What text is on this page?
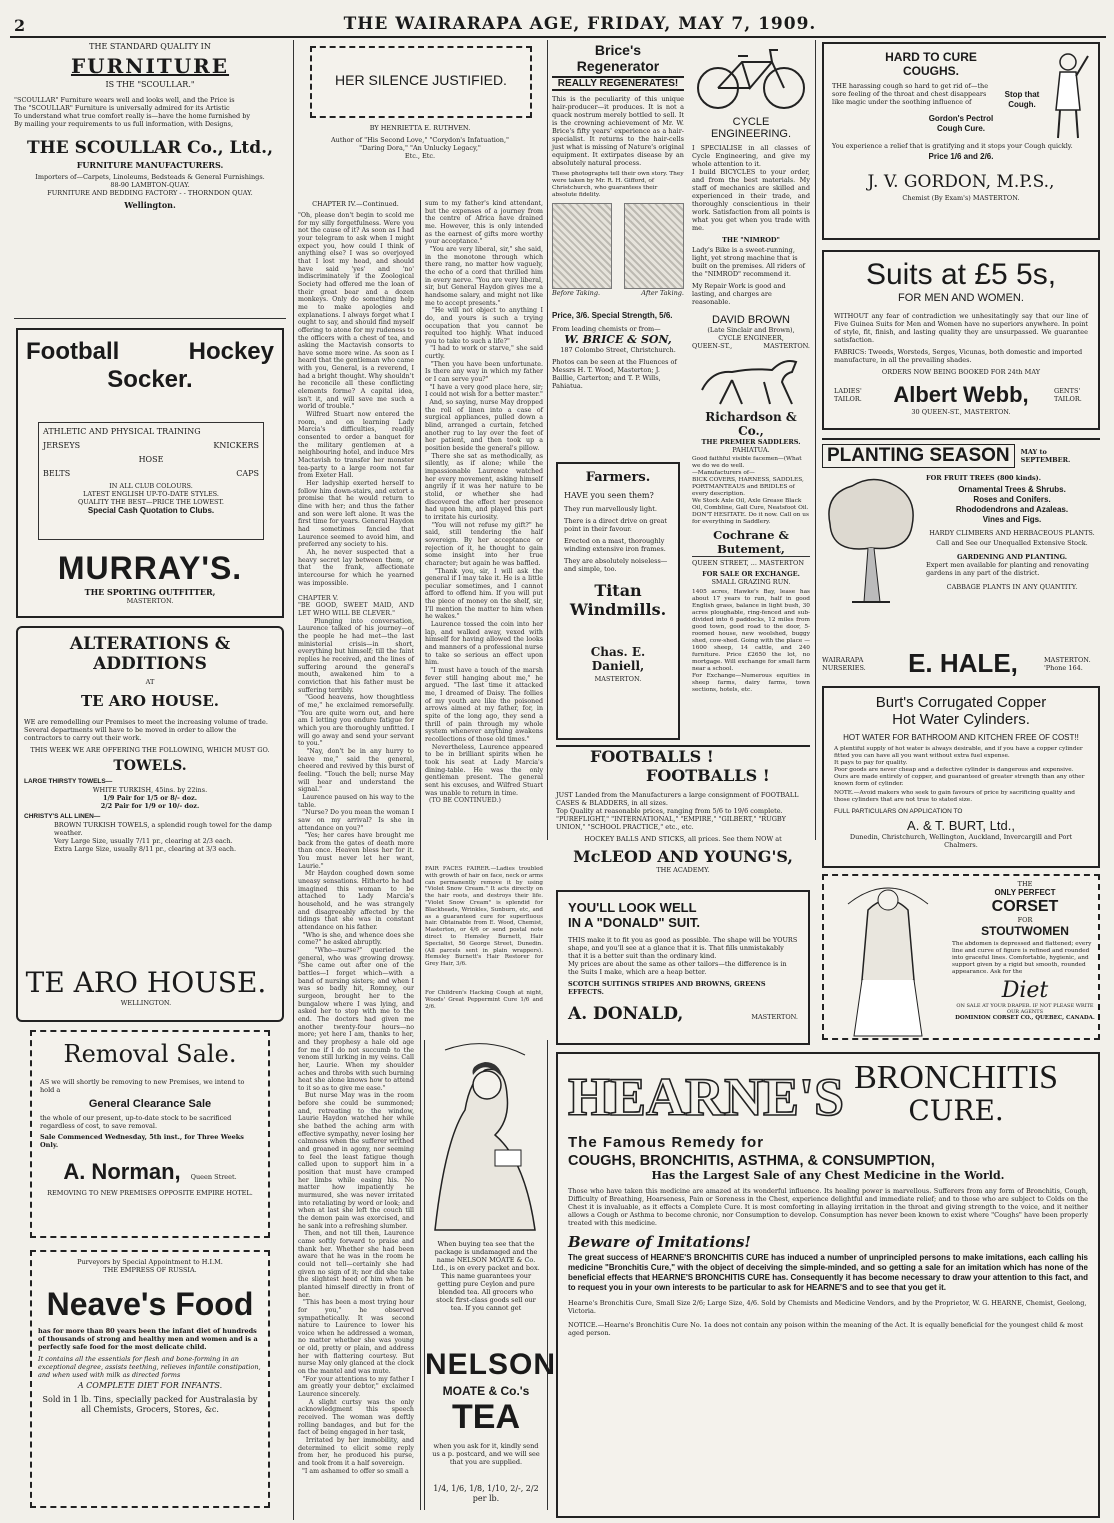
2	THE WAIRARAPA AGE, FRIDAY, MAY 7, 1909.
THE STANDARD QUALITY IN
FURNITURE
IS THE "SCOULLAR."
"SCOULLAR" Furniture wears well and looks well, and the Price is
The "SCOULLAR" Furniture is universally admired for its Artistic
To understand what true comfort really is—have the home furnished by
By mailing your requirements to us full information, with Designs,
THE SCOULLAR Co., Ltd.,
FURNITURE MANUFACTURERS.
Importers of—Carpets, Linoleums, Bedsteads & General Furnishings.
88-90 LAMBTON-QUAY.
FURNITURE AND BEDDING FACTORY - - THORNDON QUAY.
Wellington.
Football	Hockey
Socker.
ATHLETIC AND PHYSICAL TRAINING
JERSEYS	KNICKERS
HOSE
BELTS	CAPS
IN ALL CLUB COLOURS.
LATEST ENGLISH UP-TO-DATE STYLES.
QUALITY THE BEST—PRICE THE LOWEST.
Special Cash Quotation to Clubs.
MURRAY'S.
THE SPORTING OUTFITTER,
MASTERTON.
ALTERATIONS & ADDITIONS
AT
TE ARO HOUSE.
WE are remodelling our Premises to meet the increasing volume of trade. Several departments will have to be moved in order to allow the contractors to carry out their work.
THIS WEEK WE ARE OFFERING THE FOLLOWING, WHICH MUST GO.
TOWELS.
LARGE THIRSTY TOWELS—
WHITE TURKISH, 45ins. by 22ins.
1/9 Pair for 1/5 or 8/- doz.
2/2 Pair for 1/9 or 10/- doz.
CHRISTY'S ALL LINEN—
BROWN TURKISH TOWELS, a splendid rough towel for the damp weather.
Very Large Size, usually 7/11 pr., clearing at 2/3 each.
Extra Large Size, usually 8/11 pr., clearing at 3/3 each.
TE ARO HOUSE.
WELLINGTON.
Removal Sale.
AS we will shortly be removing to new Premises, we intend to hold a
General Clearance Sale
the whole of our present, up-to-date stock to be sacrificed regardless of cost, to save removal.
Sale Commenced Wednesday, 5th inst., for Three Weeks Only.
A. Norman, Queen Street.
REMOVING TO NEW PREMISES OPPOSITE EMPIRE HOTEL.
Purveyors by Special Appointment to H.I.M.
THE EMPRESS OF RUSSIA.
Neave's Food
has for more than 80 years been the infant diet of hundreds of thousands of strong and healthy men and women and is a perfectly safe food for the most delicate child.
It contains all the essentials for flesh and bone-forming in an exceptional degree, assists teething, relieves infantile constipation, and when used with milk as directed forms
A COMPLETE DIET FOR INFANTS.
Sold in 1 lb. Tins, specially packed for Australasia by all Chemists, Grocers, Stores, &c.
HER SILENCE JUSTIFIED.
BY HENRIETTA E. RUTHVEN.
Author of "His Second Love," "Corydon's Infatuation,"
"Daring Dora," "An Unlucky Legacy,"
Etc., Etc.
CHAPTER IV.—Continued.
"Oh, please don't begin to scold me for my silly forgetfulness. Were you not the cause of it? As soon as I had your telegram to ask when I might expect you, how could I think of anything else? I was so overjoyed that I lost my head, and should have said 'yes' and 'no' indiscriminately if the Zoological Society had offered me the loan of their great bear and a dozen monkeys. Only do something help me to make apologies and explanations. I always forget what I ought to say, and should find myself offering to atone for my rudeness to the officers with a chest of tea, and asking the Mactavish consorts to have some more wine. As soon as I heard that the gentleman who came with you, General, is a reverend, I had a bright thought. Why shouldn't he reconcile all these conflicting elements forme? A capital idea, isn't it, and will save me such a world of trouble."
Wilfred Stuart now entered the room, and on learning Lady Marcia's difficulties, readily consented to order a banquet for the military gentlemen at a neighbouring hotel, and induce Mrs Mactavish to transfer her monster tea-party to a large room not far from Exeter Hall.
Her ladyship exerted herself to follow him down-stairs, and extort a promise that he would return to dine with her; and thus the father and son were left alone. It was the first time for years. General Haydon had sometimes fancied that Laurence seemed to avoid him, and preferred any society to his.
Ah, he never suspected that a heavy secret lay between them, or that the frank, affectionate intercourse for which he yearned was impossible.

CHAPTER V.
"BE GOOD, SWEET MAID, AND LET WHO WILL BE CLEVER."
Plunging into conversation, Laurence talked of his journey—of the people he had met—the last ministerial crisis—in short, everything but himself; till the faint replies he received, and the lines of suffering around the general's mouth, awakened him to a conviction that his father must be suffering terribly.
"Good heavens, how thoughtless of me," he exclaimed remorsefully. "You are quite worn out, and here am I letting you endure fatigue for which you are thoroughly unfitted. I will go away and send your servant to you."
"Nay, don't be in any hurry to leave me," said the general, cheered and revived by this burst of feeling. "Touch the bell; nurse May will hear and understand the signal."
Laurence paused on his way to the table.
"Nurse? Do you mean the woman I saw on my arrival? Is she in attendance on you?"
"Yes; her cares have brought me back from the gates of death more than once. Heaven bless her for it. You must never let her want, Laurie."
Mr Haydon coughed down some uneasy sensations. Hitherto he had imagined this woman to be attached to Lady Marcia's household, and he was strangely and disagreeably affected by the tidings that she was in constant attendance on his father.
"Who is she, and whence does she come?" he asked abruptly.
"Who—nurse?" queried the general, who was growing drowsy. "She came out after one of the battles—I forget which—with a band of nursing sisters; and when I was so badly hit, Romney, our surgeon, brought her to the bungalow where I was lying, and asked her to stop with me to the end. The doctors had given me another twenty-four hours—no more; yet here I am, thanks to her, and they prophesy a hale old age for me if I do not succumb to the venom still lurking in my veins. Call her, Laurie. When my shoulder aches and throbs with such burning heat she alone knows how to attend to it so as to give me ease."
But nurse May was in the room before she could be summoned; and, retreating to the window, Laurie Haydon watched her while she bathed the aching arm with effective sympathy, never losing her calmness when the sufferer writhed and groaned in agony, nor seeming to feel the least fatigue though called upon to support him in a position that must have cramped her limbs while easing his. No matter how impatiently he murmured, she was never irritated into retaliating by word or look; and when at last she left the couch till the demon pain was exorcised, and he sank into a refreshing slumber.
Then, and not till then, Laurence came softly forward to praise and thank her. Whether she had been aware that he was in the room he could not tell—certainly she had given no sign of it; nor did she take the slightest heed of him when he planted himself directly in front of her.
"This has been a most trying hour for you," he observed sympathetically. It was second nature to Laurence to lower his voice when he addressed a woman, no matter whether she was young or old, pretty or plain, and address her with flattering courtesy. But nurse May only glanced at the clock on the mantel and was mute.
"For your attentions to my father I am greatly your debtor," exclaimed Laurence sincerely.
A slight curtsy was the only acknowledgment this speech received. The woman was deftly rolling bandages, and but for the fact of being engaged in her task,
Irritated by her immobility, and determined to elicit some reply from her, he produced his purse, and took from it a half sovereign.
"I am ashamed to offer so small a
sum to my father's kind attendant, but the expenses of a journey from the centre of Africa have drained me. However, this is only intended as the earnest of gifts more worthy your acceptance."
"You are very liberal, sir," she said, in the monotone through which there rang, no matter how vaguely, the echo of a cord that thrilled him in every nerve. "You are very liberal, sir, but General Haydon gives me a handsome salary, and might not like me to accept presents."
"He will not object to anything I do, and yours is such a trying occupation that you cannot be requited too highly. What induced you to take to such a life?"
"I had to work or starve," she said curtly.
"Then you have been unfortunate. Is there any way in which my father or I can serve you?"
"I have a very good place here, sir; I could not wish for a better master."
And, so saying, nurse May dropped the roll of linen into a case of surgical appliances, pulled down a blind, arranged a curtain, fetched another rug to lay over the feet of her patient, and then took up a position beside the general's pillow.
There she sat as methodically, as silently, as if alone; while the impassionable Laurence watched her every movement, asking himself angrily if it was her nature to be stolid, or whether she had discovered the effect her presence had upon him, and played this part to irritate his curiosity.
"You will not refuse my gift?" he said, still tendering the half sovereign. By her acceptance or rejection of it, he thought to gain some insight into her true character; but again he was baffled.
"Thank you, sir, I will ask the general if I may take it. He is a little peculiar sometimes, and I cannot afford to offend him. If you will put the piece of money on the shelf, sir, I'll mention the matter to him when he wakes."
Laurence tossed the coin into her lap, and walked away, vexed with himself for having allowed the looks and manners of a professional nurse to take so serious an effect upon him.
"I must have a touch of the marsh fever still hanging about me," he argued. "The last time it attacked me, I dreamed of Daisy. The follies of my youth are like the poisoned arrows aimed at my father, for, in spite of the long ago, they send a thrill of pain through my whole system whenever anything awakens recollections of those old times."
Nevertheless, Laurence appeared to be in brilliant spirits when he took his seat at Lady Marcia's dining-table. He was the only gentleman present. The general sent his excuses, and Wilfred Stuart was unable to return in time.
(TO BE CONTINUED.)
FAIR FACES FAIRER.—Ladies troubled with growth of hair on face, neck or arms can permanently remove it by using "Violet Snow Cream." It acts directly on the hair roots, and destroys their life. "Violet Snow Cream" is splendid for Blackheads, Wrinkles, Sunburn, etc, and as a guaranteed cure for superfluous hair. Obtainable from E. Wood, Chemist, Masterton, or 4/6 or send postal note direct to Hemsley Burnett, Hair Specialist, 56 George Street, Dunedin. (All parcels sent in plain wrappers). Hemsley Burnett's Hair Restorer for Grey Hair, 3/6.
For Children's Hacking Cough at night, Woods' Great Peppermint Cure 1/6 and 2/6.
When buying tea see that the package is undamaged and the name NELSON MOATE & Co. Ltd., is on every packet and box. This name guarantees your getting pure Ceylon and pure blended tea. All grocers who stock first-class goods sell our tea. If you cannot get
NELSON
MOATE & Co.'s
TEA
when you ask for it, kindly send us a p. postcard, and we will see that you are supplied.
1/4, 1/6, 1/8, 1/10, 2/-, 2/2 per lb.
Brice's Regenerator
REALLY REGENERATES!
This is the peculiarity of this unique hair-producer—it produces. It is not a quack nostrum merely bottled to sell. It is the crowning achievement of Mr. W. Brice's fifty years' experience as a hair-specialist. It returns to the hair-cells just what is missing of Nature's original equipment. It extirpates disease by an absolutely natural process.
These photographs tell their own story. They were taken by Mr. R. H. Gifford, of Christchurch, who guarantees their absolute fidelity.
Before Taking.	After Taking.
Price, 3/6. Special Strength, 5/6.
From leading chemists or from—
W. BRICE & SON,
187 Colombo Street, Christchurch.
Photos can be seen at the Fluences of Messrs H. T. Wood, Masterton; J. Baillie, Carterton; and T. P. Wills, Pahiatua.
Farmers.
HAVE you seen them?
They run marvellously light.
There is a direct drive on great point in their favour.
Erected on a mast, thoroughly winding extensive iron frames.
They are absolutely noiseless—and simple, too.
Titan Windmills.
Chas. E. Daniell,
MASTERTON.
CYCLE ENGINEERING.
I SPECIALISE in all classes of Cycle Engineering, and give my whole attention to it.
I build BICYCLES to your order, and from the best materials. My staff of mechanics are skilled and experienced in their trade, and thoroughly conscientious in their work. Satisfaction from all points is what you get when you trade with me.
THE "NIMROD"
Lady's Bike is a sweet-running, light, yet strong machine that is built on the premises. All riders of the "NIMROD" recommend it.
My Repair Work is good and lasting, and charges are reasonable.
DAVID BROWN
(Late Sinclair and Brown),
CYCLE ENGINEER,
QUEEN-ST.,	MASTERTON.
Richardson & Co.,
THE PREMIER SADDLERS.
PAHIATUA.
Good faithful visible facemen—(What we do we do well.
—Manufacturers of—
BICK COVERS, HARNESS, SADDLES, PORTMANTEAUS and BRIDLES of every description.
We Stock Axle Oil, Axle Grease Black Oil, Combline, Gall Cure, Neatsfoot Oil.
DON'T HESITATE. Do it now. Call on us for everything in Saddlery.
Cochrane & Butement,
QUEEN STREET, ... MASTERTON
FOR SALE OR EXCHANGE.
SMALL GRAZING RUN.
1405 acres, Hawke's Bay, lease has about 17 years to run, half in good English grass, balance in light bush, 30 acres ploughable, ring-fenced and sub-divided into 6 paddocks, 12 miles from good town, good road to the door, 5-roomed house, new woolshed, buggy shed, cow-shed. Going with the place —1600 sheep, 14 cattle, and 240 furniture. Price £2650 the lot, no mortgage. Will exchange for small farm near a school.
For Exchange—Numerous equities in sheep farms, dairy farms, town sections, hotels, etc.
FOOTBALLS !
FOOTBALLS !
JUST Landed from the Manufacturers a large consignment of FOOTBALL CASES & BLADDERS, in all sizes.
Top Quality at reasonable prices, ranging from 5/6 to 19/6 complete.
"PUREFLIGHT," "INTERNATIONAL," "EMPIRE," "GILBERT," "RUGBY UNION," "SCHOOL PRACTICE," etc., etc.
HOCKEY BALLS AND STICKS, all prices. See them NOW at
McLEOD AND YOUNG'S,
THE ACADEMY.
YOU'LL LOOK WELL
IN A "DONALD" SUIT.
THIS make it to fit you as good as possible. The shape will be YOURS shape, and you'll see at a glance that it is. That fills unmistakably that it is a better suit than the ordinary kind.
My prices are about the same as other tailors—the difference is in the Suits I make, which are a heap better.
SCOTCH SUITINGS STRIPES AND BROWNS, GREENS EFFECTS.
A. DONALD,	MASTERTON.
HARD TO CURE
COUGHS.
THE harassing cough so hard to get rid of—the sore feeling of the throat and chest disappears like magic under the soothing influence of
Stop that Cough.
Gordon's Pectrol
Cough Cure.
You experience a relief that is gratifying and it stops your Cough quickly.
Price 1/6 and 2/6.
J. V. GORDON, M.P.S.,
Chemist (By Exam's) MASTERTON.
Suits at £5 5s,
FOR MEN AND WOMEN.
WITHOUT any fear of contradiction we unhesitatingly say that our line of Five Guinea Suits for Men and Women have no superiors anywhere. In point of style, fit, finish, and lasting quality they are unsurpassed. We guarantee satisfaction.
FABRICS: Tweeds, Worsteds, Serges, Vicunas, both domestic and imported manufacture, in all the prevailing shades.
ORDERS NOW BEING BOOKED FOR 24th MAY
LADIES' TAILOR. Albert Webb,	GENTS' TAILOR.
30 QUEEN-ST., MASTERTON.
PLANTING SEASON	MAY to SEPTEMBER.
FOR FRUIT TREES (800 kinds).
Ornamental Trees & Shrubs.
Roses and Conifers.
Rhododendrons and Azaleas.
Vines and Figs.
HARDY CLIMBERS AND HERBACEOUS PLANTS.
Call and See our Unequalled Extensive Stock.
GARDENING AND PLANTING.
Expert men available for planting and renovating gardens in any part of the district.
CABBAGE PLANTS IN ANY QUANTITY.
WAIRARAPA NURSERIES.	E. HALE,	MASTERTON. 'Phone 164.
Burt's Corrugated Copper
Hot Water Cylinders.
HOT WATER FOR BATHROOM AND KITCHEN FREE OF COST!!
A plentiful supply of hot water is always desirable, and if you have a copper cylinder fitted you can have all you want without extra fuel expense.
It pays to pay for quality.
Poor goods are never cheap and a defective cylinder is dangerous and expensive. Ours are made entirely of copper, and guaranteed of greater strength than any other known form of cylinder.
NOTE.—Avoid makers who seek to gain favours of price by sacrificing quality and those cylinders that are not true to stated size.
FULL PARTICULARS ON APPLICATION TO
A. & T. BURT, Ltd.,
Dunedin, Christchurch, Wellington, Auckland, Invercargill and Port Chalmers.
THE
ONLY PERFECT
CORSET
FOR
STOUTWOMEN
The abdomen is depressed and flattened; every line and curve of figure is refined and rounded into graceful lines. Comfortable, hygienic, and support given by a rigid but smooth, rounded appearance. Ask for the
Diet
ON SALE AT YOUR DRAPER. IF NOT PLEASE WRITE OUR AGENTS
DOMINION CORSET CO., QUEBEC, CANADA.
HEARNE'S BRONCHITIS
CURE.
The Famous Remedy for
COUGHS, BRONCHITIS, ASTHMA, & CONSUMPTION,
Has the Largest Sale of any Chest Medicine in the World.
Those who have taken this medicine are amazed at its wonderful influence. Its healing power is marvellous. Sufferers from any form of Bronchitis, Cough, Difficulty of Breathing, Hoarseness, Pain or Soreness in the Chest, experience delightful and immediate relief; and to those who are subject to Colds on the Chest it is invaluable, as it effects a Complete Cure. It is most comforting in allaying irritation in the throat and giving strength to the voice, and it neither allows a Cough or Asthma to become chronic, nor Consumption to develop. Consumption has never been known to exist where "Coughs" have been properly treated with this medicine.
Beware of Imitations!
The great success of HEARNE'S BRONCHITIS CURE has induced a number of unprincipled persons to make imitations, each calling his medicine "Bronchitis Cure," with the object of deceiving the simple-minded, and so getting a sale for an imitation which has none of the beneficial effects that HEARNE'S BRONCHITIS CURE has. Consequently it has become necessary to draw your attention to this fact, and to request you in your own interests to be particular to ask for HEARNE'S and to see that you get it.
Hearne's Bronchitis Cure, Small Size 2/6; Large Size, 4/6. Sold by Chemists and Medicine Vendors, and by the Proprietor, W. G. HEARNE, Chemist, Geelong, Victoria.
NOTICE.—Hearne's Bronchitis Cure No. 1a does not contain any poison within the meaning of the Act. It is equally beneficial for the youngest child & most aged person.
